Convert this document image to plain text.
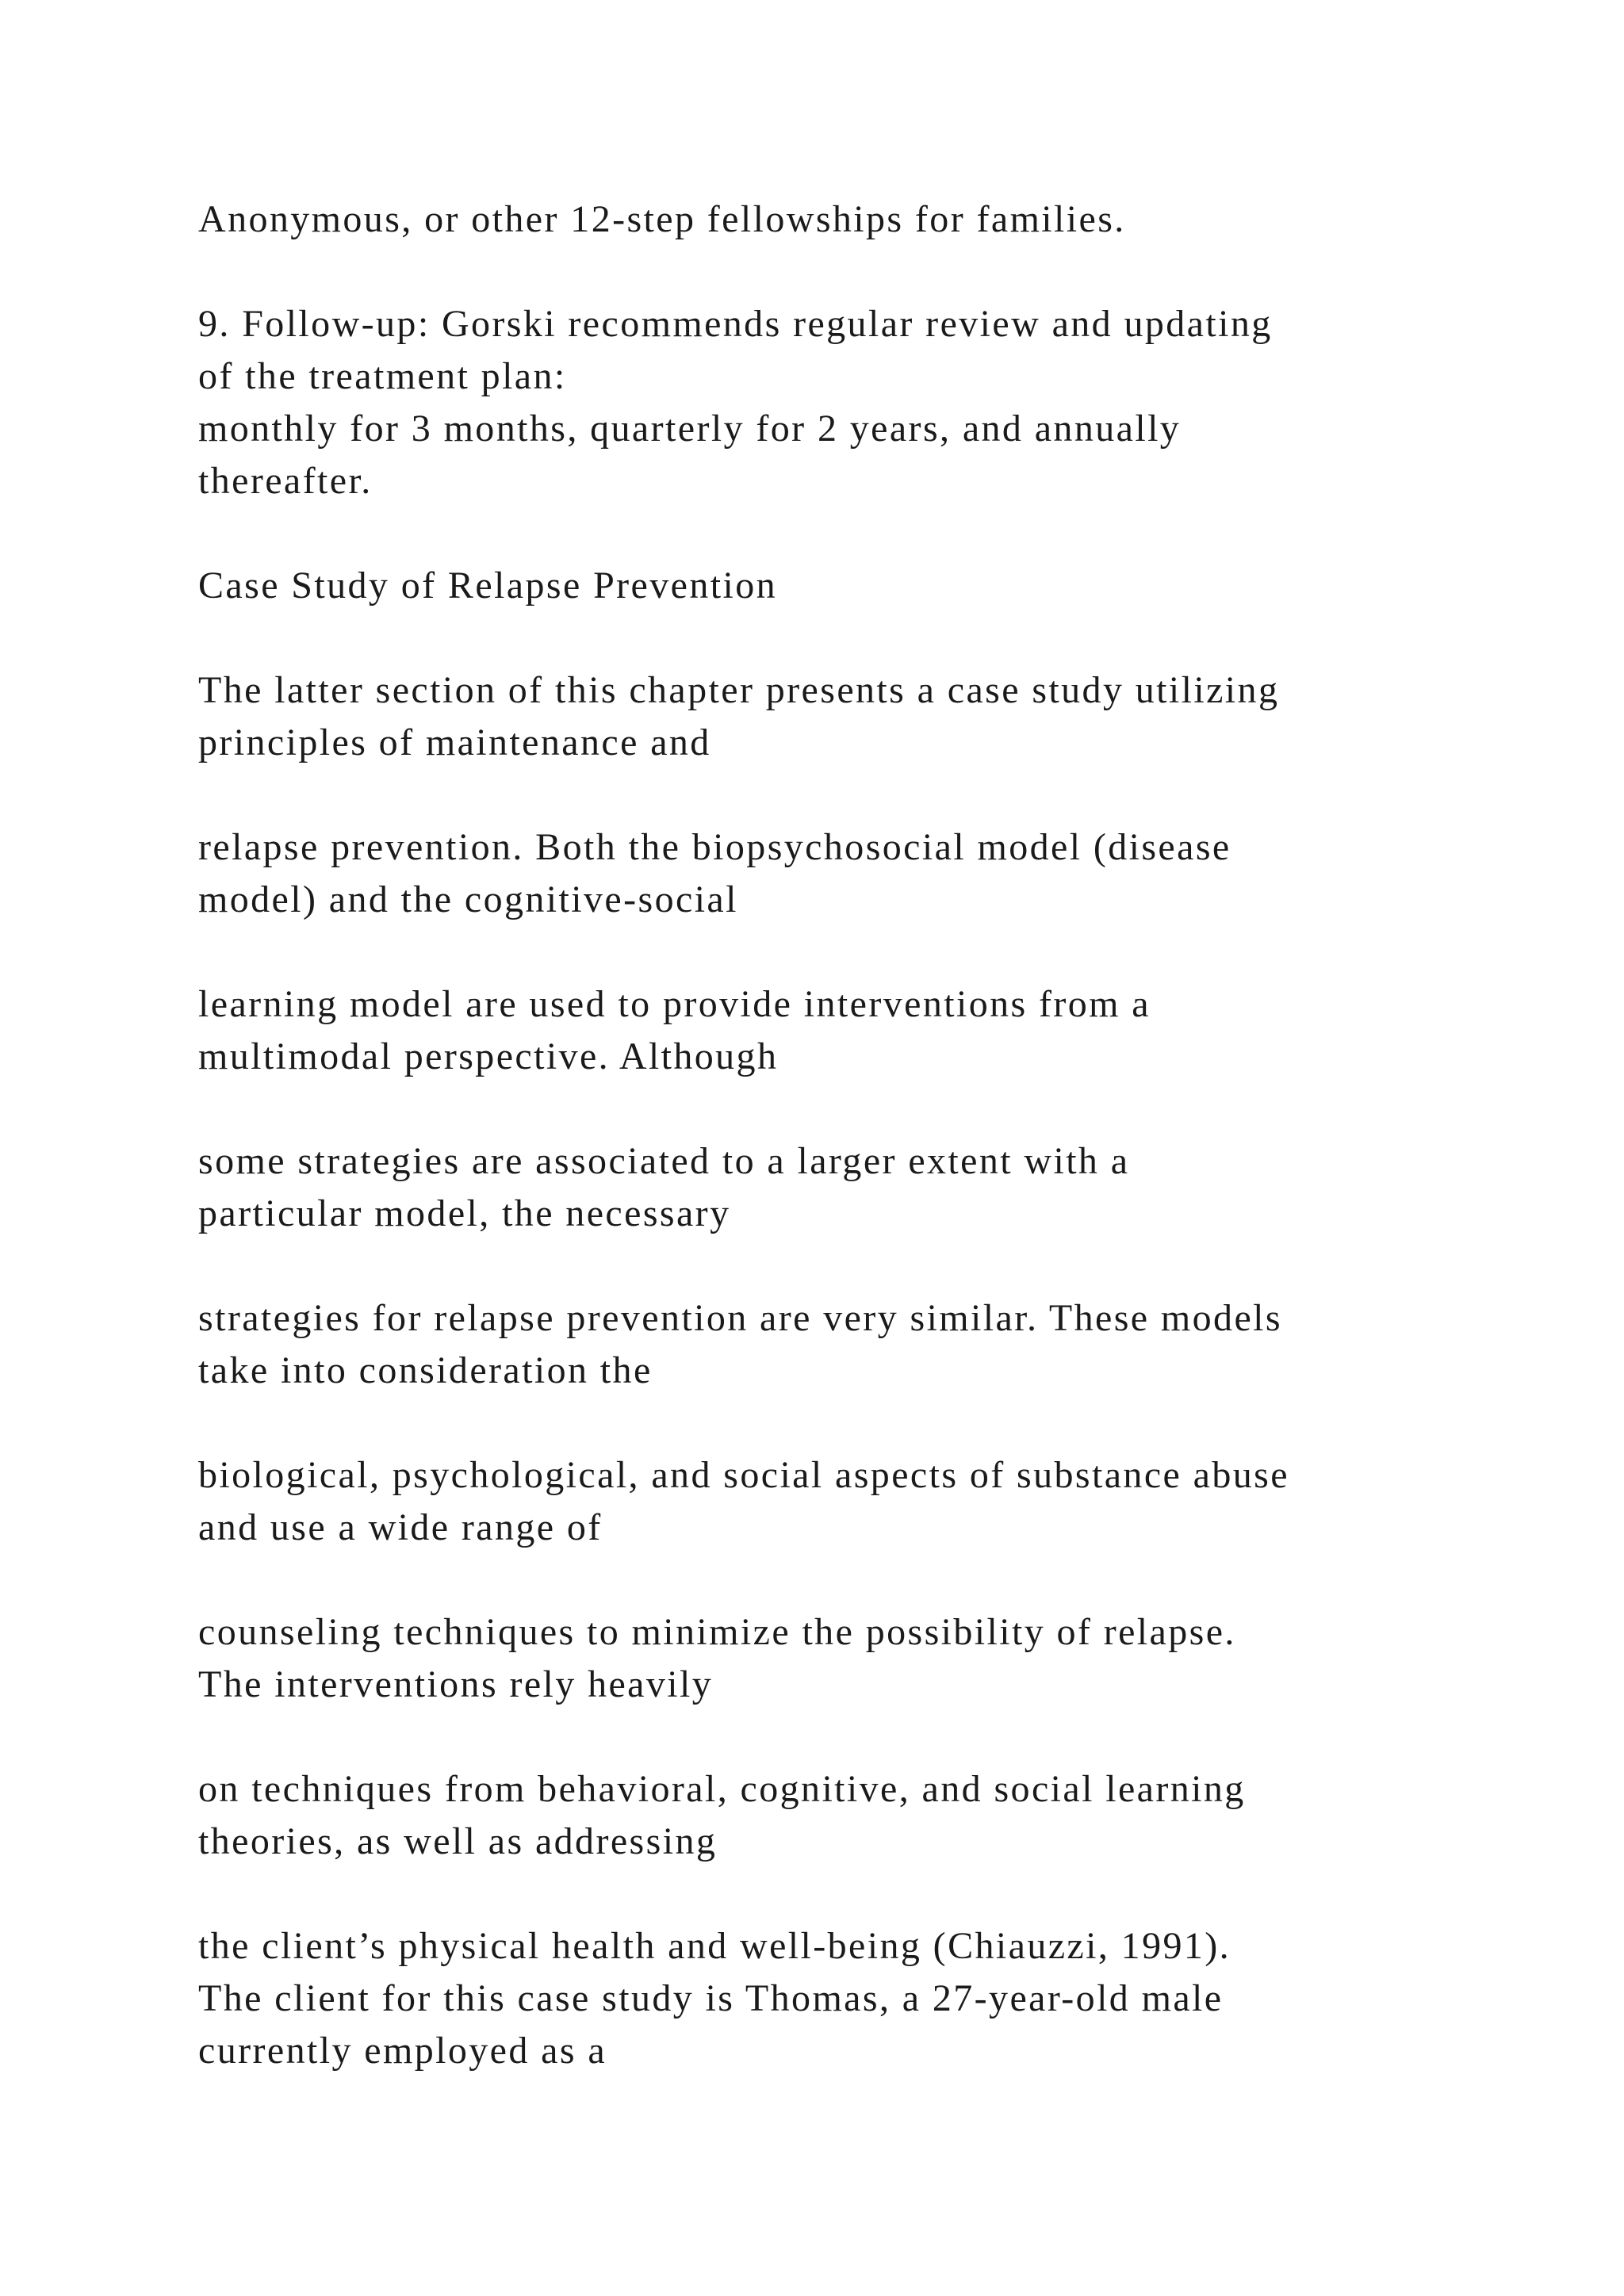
Anonymous, or other 12-step fellowships for families.

9. Follow-up: Gorski recommends regular review and updating
of the treatment plan:
monthly for 3 months, quarterly for 2 years, and annually
thereafter.

Case Study of Relapse Prevention

The latter section of this chapter presents a case study utilizing
principles of maintenance and

relapse prevention. Both the biopsychosocial model (disease
model) and the cognitive-social

learning model are used to provide interventions from a
multimodal perspective. Although

some strategies are associated to a larger extent with a
particular model, the necessary

strategies for relapse prevention are very similar. These models
take into consideration the

biological, psychological, and social aspects of substance abuse
and use a wide range of

counseling techniques to minimize the possibility of relapse.
The interventions rely heavily

on techniques from behavioral, cognitive, and social learning
theories, as well as addressing

the client’s physical health and well-being (Chiauzzi, 1991).
The client for this case study is Thomas, a 27-year-old male
currently employed as a
